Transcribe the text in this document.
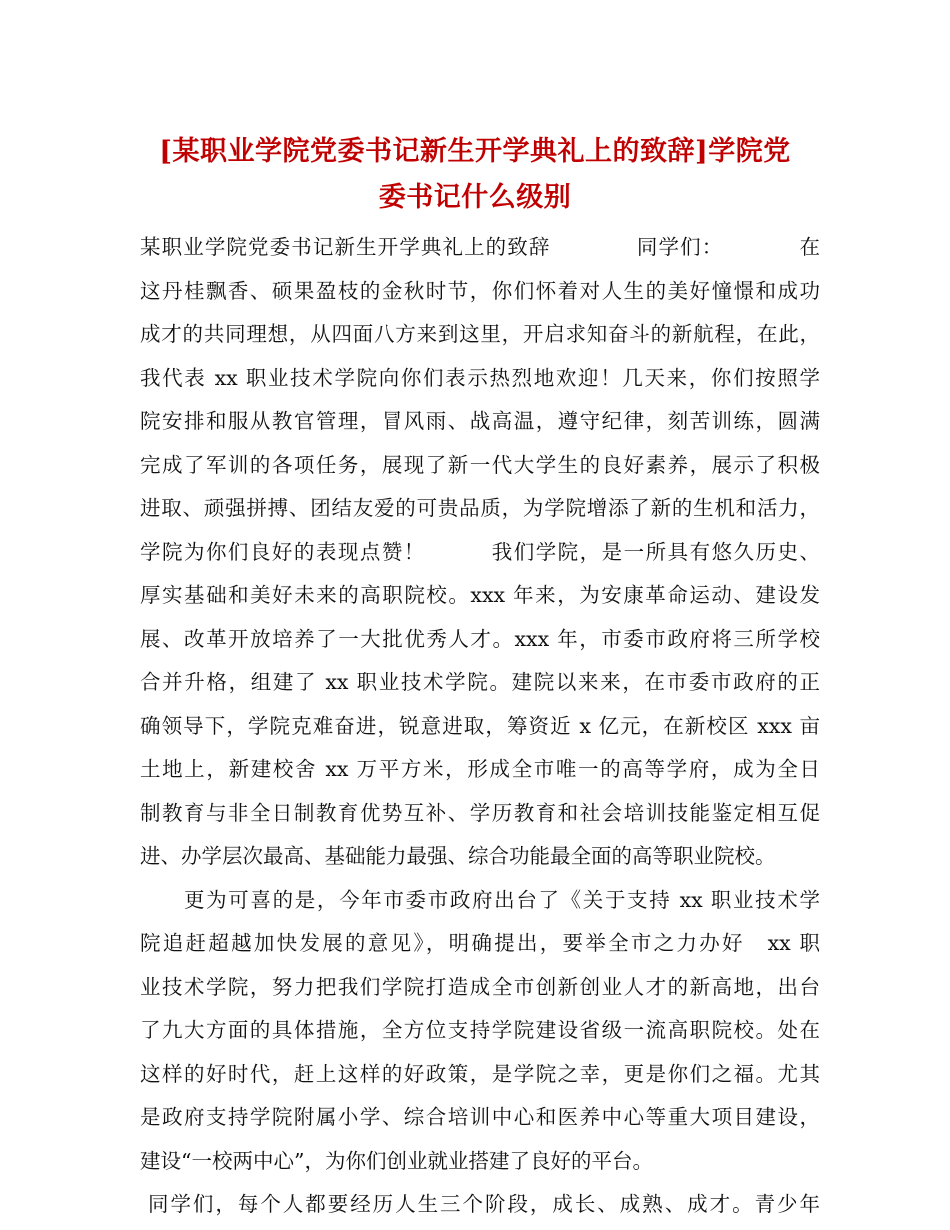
[某职业学院党委书记新生开学典礼上的致辞]学院党
委书记什么级别
某职业学院党委书记新生开学典礼上的致辞　　　　同学们：　　　　在
这丹桂飘香、硕果盈枝的金秋时节，你们怀着对人生的美好憧憬和成功
成才的共同理想，从四面八方来到这里，开启求知奋斗的新航程，在此，
我代表 xx 职业技术学院向你们表示热烈地欢迎！几天来，你们按照学
院安排和服从教官管理，冒风雨、战高温，遵守纪律，刻苦训练，圆满
完成了军训的各项任务，展现了新一代大学生的良好素养，展示了积极
进取、顽强拼搏、团结友爱的可贵品质，为学院增添了新的生机和活力，
学院为你们良好的表现点赞！　　　我们学院，是一所具有悠久历史、
厚实基础和美好未来的高职院校。xxx 年来，为安康革命运动、建设发
展、改革开放培养了一大批优秀人才。xxx 年，市委市政府将三所学校
合并升格，组建了 xx 职业技术学院。建院以来来，在市委市政府的正
确领导下，学院克难奋进，锐意进取，筹资近 x 亿元，在新校区 xxx 亩
土地上，新建校舍 xx 万平方米，形成全市唯一的高等学府，成为全日
制教育与非全日制教育优势互补、学历教育和社会培训技能鉴定相互促
进、办学层次最高、基础能力最强、综合功能最全面的高等职业院校。
更为可喜的是，今年市委市政府出台了《关于支持 xx 职业技术学
院追赶超越加快发展的意见》，明确提出，要举全市之力办好　xx 职
业技术学院，努力把我们学院打造成全市创新创业人才的新高地，出台
了九大方面的具体措施，全方位支持学院建设省级一流高职院校。处在
这样的好时代，赶上这样的好政策，是学院之幸，更是你们之福。尤其
是政府支持学院附属小学、综合培训中心和医养中心等重大项目建设，
建设“一校两中心”，为你们创业就业搭建了良好的平台。
同学们，每个人都要经历人生三个阶段，成长、成熟、成才。青少年
